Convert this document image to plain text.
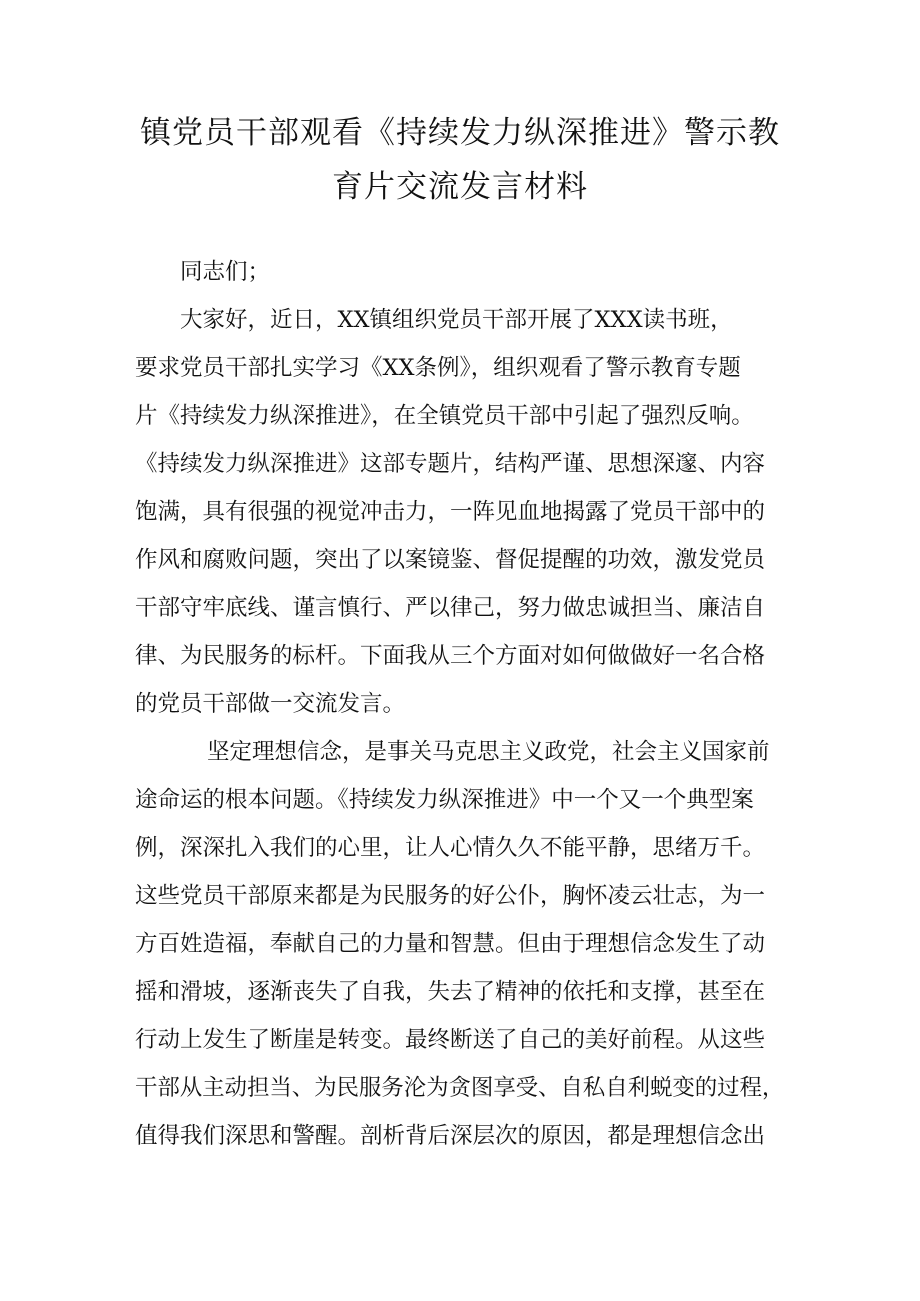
镇党员干部观看《持续发力纵深推进》警示教
育片交流发言材料
同志们；
　　大家好，近日，XX镇组织党员干部开展了XXX读书班，
要求党员干部扎实学习《XX条例》，组织观看了警示教育专题
片《持续发力纵深推进》，在全镇党员干部中引起了强烈反响。
《持续发力纵深推进》这部专题片，结构严谨、思想深邃、内容
饱满，具有很强的视觉冲击力，一阵见血地揭露了党员干部中的
作风和腐败问题，突出了以案镜鉴、督促提醒的功效，激发党员
干部守牢底线、谨言慎行、严以律己，努力做忠诚担当、廉洁自
律、为民服务的标杆。下面我从三个方面对如何做做好一名合格
的党员干部做一交流发言。
坚定理想信念，是事关马克思主义政党，社会主义国家前
途命运的根本问题。《持续发力纵深推进》中一个又一个典型案
例，深深扎入我们的心里，让人心情久久不能平静，思绪万千。
这些党员干部原来都是为民服务的好公仆，胸怀凌云壮志，为一
方百姓造福，奉献自己的力量和智慧。但由于理想信念发生了动
摇和滑坡，逐渐丧失了自我，失去了精神的依托和支撑，甚至在
行动上发生了断崖是转变。最终断送了自己的美好前程。从这些
干部从主动担当、为民服务沦为贪图享受、自私自利蜕变的过程，
值得我们深思和警醒。剖析背后深层次的原因，都是理想信念出
